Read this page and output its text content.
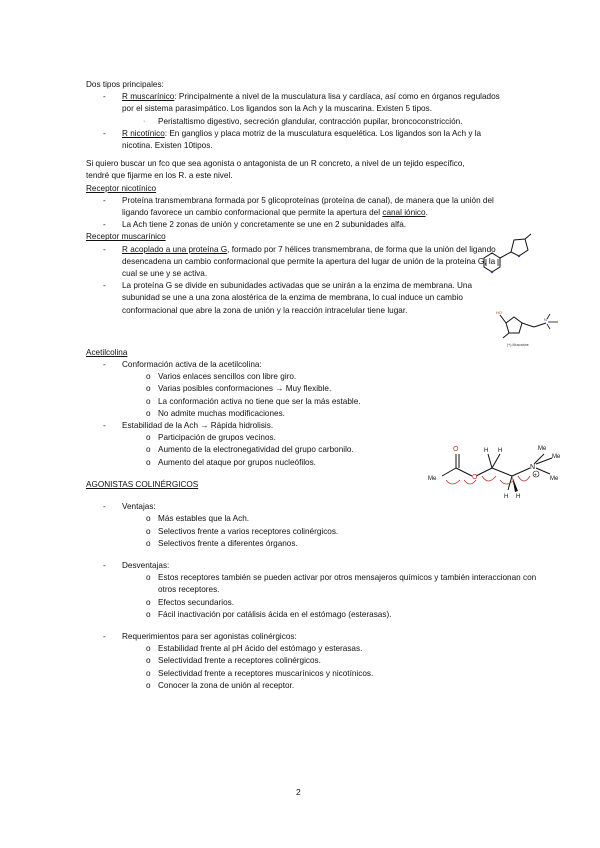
Dos tipos principales:

- R muscarínico: Principalmente a nivel de la musculatura lisa y cardíaca, así como en órganos regulados por el sistema parasimpático. Los ligandos son la Ach y la muscarina. Existen 5 tipos.
· Peristaltismo digestivo, secreción glandular, contracción pupilar, broncoconstricción.
- R nicotínico: En ganglios y placa motriz de la musculatura esquelética. Los ligandos son la Ach y la nicotina. Existen 10tipos.

Si quiero buscar un fco que sea agonista o antagonista de un R concreto, a nivel de un tejido específico, tendré que fijarme en los R. a este nivel.

Receptor nicotínico

- Proteína transmembrana formada por 5 glicoproteínas (proteína de canal), de manera que la unión del ligando favorece un cambio conformacional que permite la apertura del canal iónico.
- La Ach tiene 2 zonas de unión y concretamente se une en 2 subunidades alfa.

Receptor muscarínico

- R acoplado a una proteína G, formado por 7 hélices transmembrana, de forma que la unión del ligando desencadena un cambio conformacional que permite la apertura del lugar de unión de la proteína G, la cual se une y se activa.
- La proteína G se divide en subunidades activadas que se unirán a la enzima de membrana. Una subunidad se une a una zona alostérica de la enzima de membrana, lo cual induce un cambio conformacional que abre la zona de unión y la reacción intracelular tiene lugar.

Acetilcolina

- Conformación activa de la acetilcolina:
o Varios enlaces sencillos con libre giro.
o Varias posibles conformaciones → Muy flexible.
o La conformación activa no tiene que ser la más estable.
o No admite muchas modificaciones.
- Estabilidad de la Ach → Rápida hidrolisis.
o Participación de grupos vecinos.
o Aumento de la electronegatividad del grupo carbonilo.
o Aumento del ataque por grupos nucleófilos.

AGONISTAS COLINÉRGICOS

- Ventajas:
o Más estables que la Ach.
o Selectivos frente a varios receptores colinérgicos.
o Selectivos frente a diferentes órganos.
- Desventajas:
o Estos receptores también se pueden activar por otros mensajeros químicos y también interaccionan con otros receptores.
o Efectos secundarios.
o Fácil inactivación por catálisis ácida en el estómago (esterasas).
- Requerimientos para ser agonistas colinérgicos:
o Estabilidad frente al pH ácido del estómago y esterasas.
o Selectividad frente a receptores colinérgicos.
o Selectividad frente a receptores muscarínicos y nicotínicos.
o Conocer la zona de unión al receptor.
HO
N
(+)-Muscarine
O
Me	O
H H
H H
N
+
Me
Me
Me
2
